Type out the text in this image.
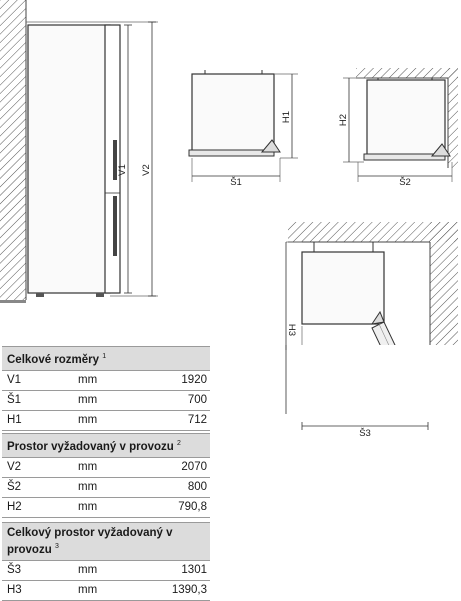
V1 V2
H1
Š1
H2
Š2
H3
Š3
Celkové rozměry $^1$
V1	mm	1920
Š1	mm	700
H1	mm	712
Prostor vyžadovaný v provozu $^2$
V2	mm	2070
Š2	mm	800
H2	mm	790,8
Celkový prostor vyžadovaný v provozu $^3$
Š3	mm	1301
H3	mm	1390,3
